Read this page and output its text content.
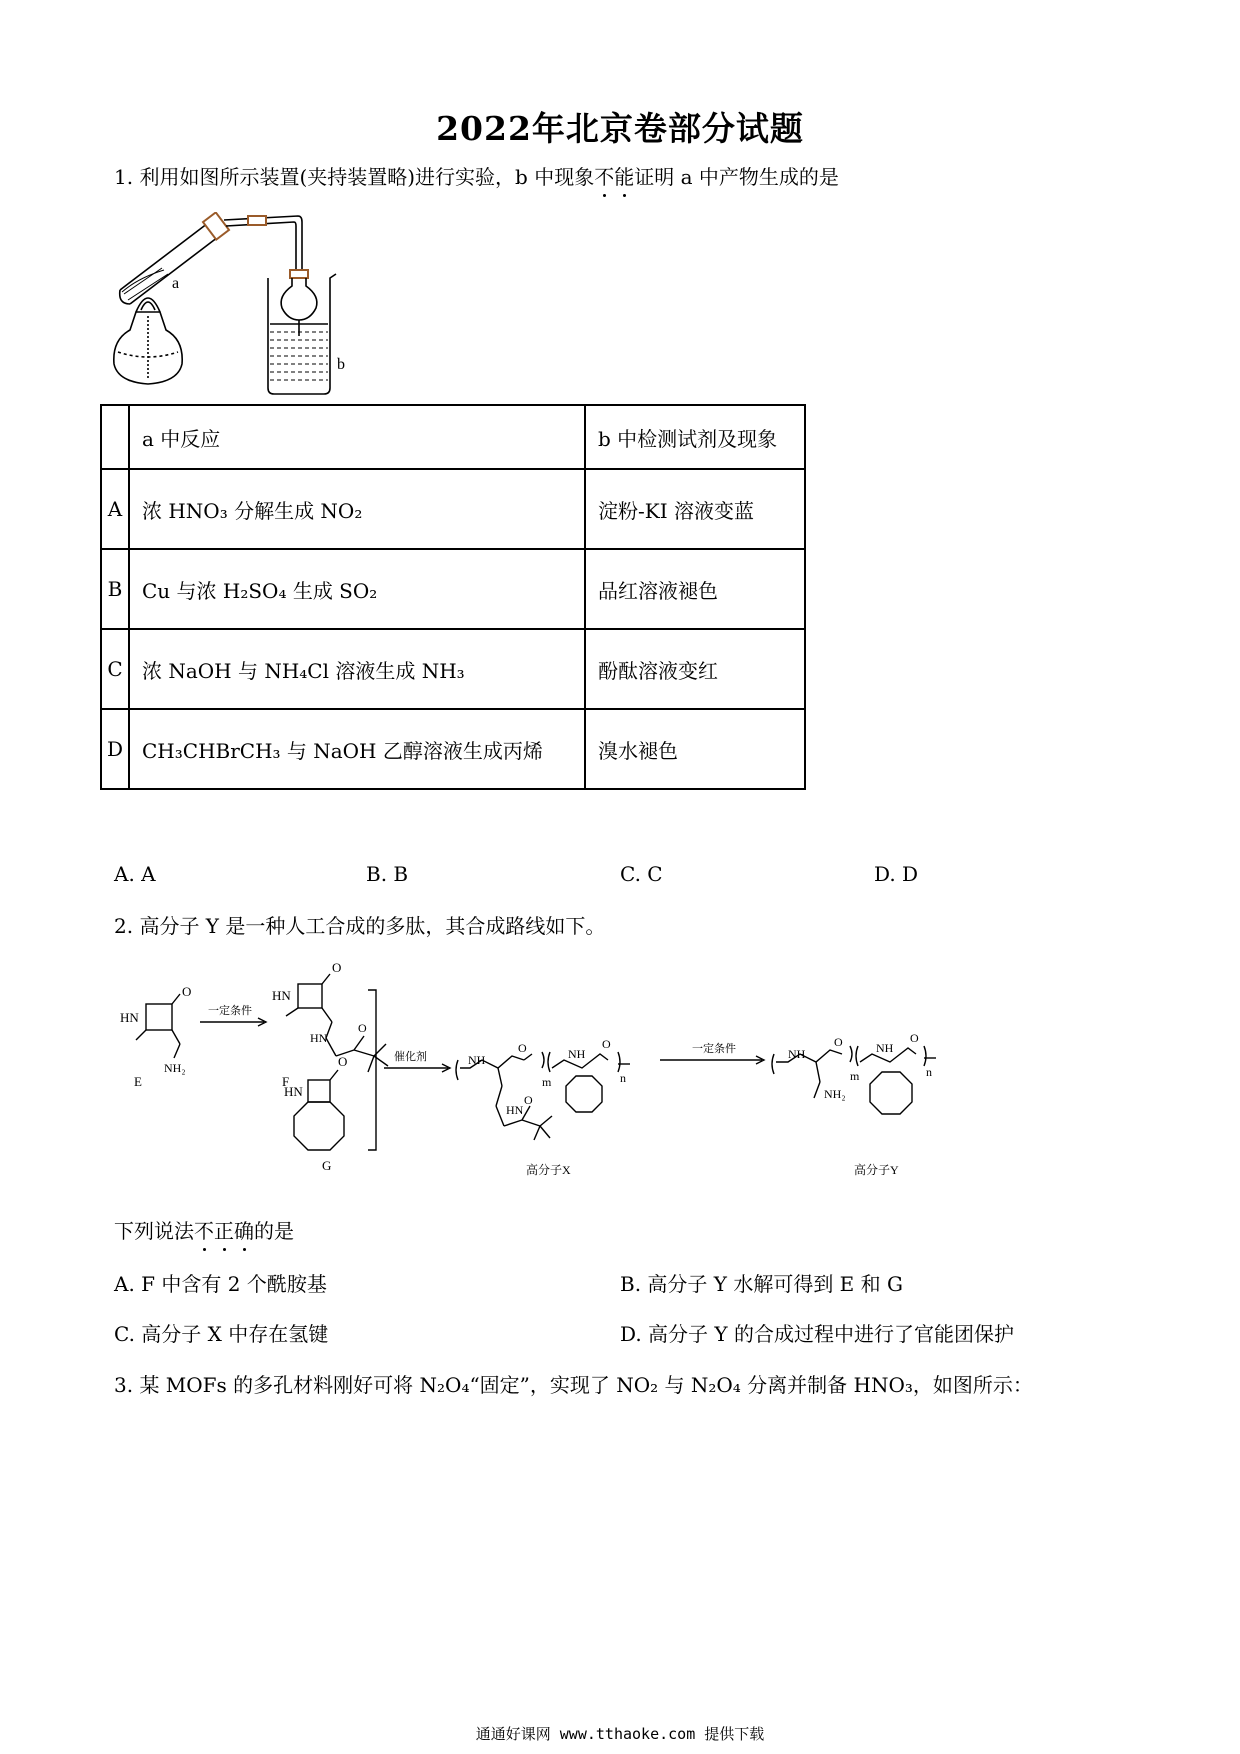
2022年北京卷部分试题
1. 利用如图所示装置(夹持装置略)进行实验，b 中现象不
能
证明 a 中产物生成的是
a
b
	a 中反应	b 中检测试剂及现象
A	浓 HNO₃ 分解生成 NO₂	淀粉-KI 溶液变蓝
B	Cu 与浓 H₂SO₄ 生成 SO₂	品红溶液褪色
C	浓 NaOH 与 NH₄Cl 溶液生成 NH₃	酚酞溶液变红
D	CH₃CHBrCH₃ 与 NaOH 乙醇溶液生成丙烯	溴水褪色
A. A	B. B	C. C	D. D
2. 高分子 Y 是一种人工合成的多肽，其合成路线如下。
HN
O
NH₂
E
一定条件
HN
O
HN
O
F
HN
O
G
催化剂	NH
O
m
NH
O
n
HN
O
高分子X
一定条件	NH
O
m
NH
O
n
NH₂
高分子Y
下列说法不
正
确
的是
A. F 中含有 2 个酰胺基	B. 高分子 Y 水解可得到 E 和 G
C. 高分子 X 中存在氢键	D. 高分子 Y 的合成过程中进行了官能团保护
3. 某 MOFs 的多孔材料刚好可将 N₂O₄“固定”，实现了 NO₂ 与 N₂O₄ 分离并制备 HNO₃，如图所示：
通通好课网 www.tthaoke.com 提供下载
